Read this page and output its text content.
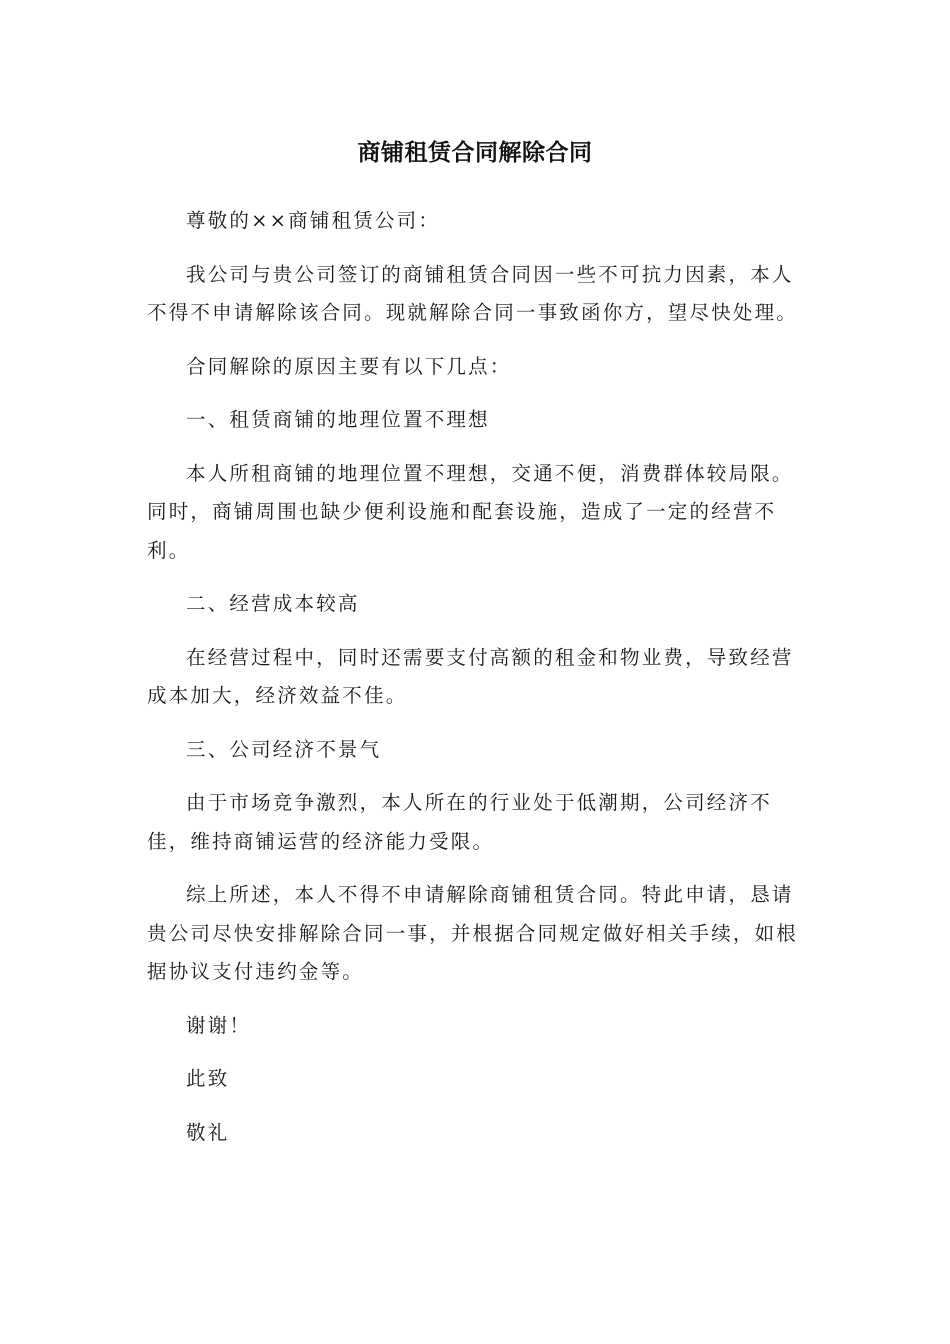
商铺租赁合同解除合同

尊敬的××商铺租赁公司：

我公司与贵公司签订的商铺租赁合同因一些不可抗力因素，本人不得不申请解除该合同。现就解除合同一事致函你方，望尽快处理。

合同解除的原因主要有以下几点：

一、租赁商铺的地理位置不理想

本人所租商铺的地理位置不理想，交通不便，消费群体较局限。同时，商铺周围也缺少便利设施和配套设施，造成了一定的经营不利。

二、经营成本较高

在经营过程中，同时还需要支付高额的租金和物业费，导致经营成本加大，经济效益不佳。

三、公司经济不景气

由于市场竞争激烈，本人所在的行业处于低潮期，公司经济不佳，维持商铺运营的经济能力受限。

综上所述，本人不得不申请解除商铺租赁合同。特此申请，恳请贵公司尽快安排解除合同一事，并根据合同规定做好相关手续，如根据协议支付违约金等。

谢谢！

此致

敬礼
